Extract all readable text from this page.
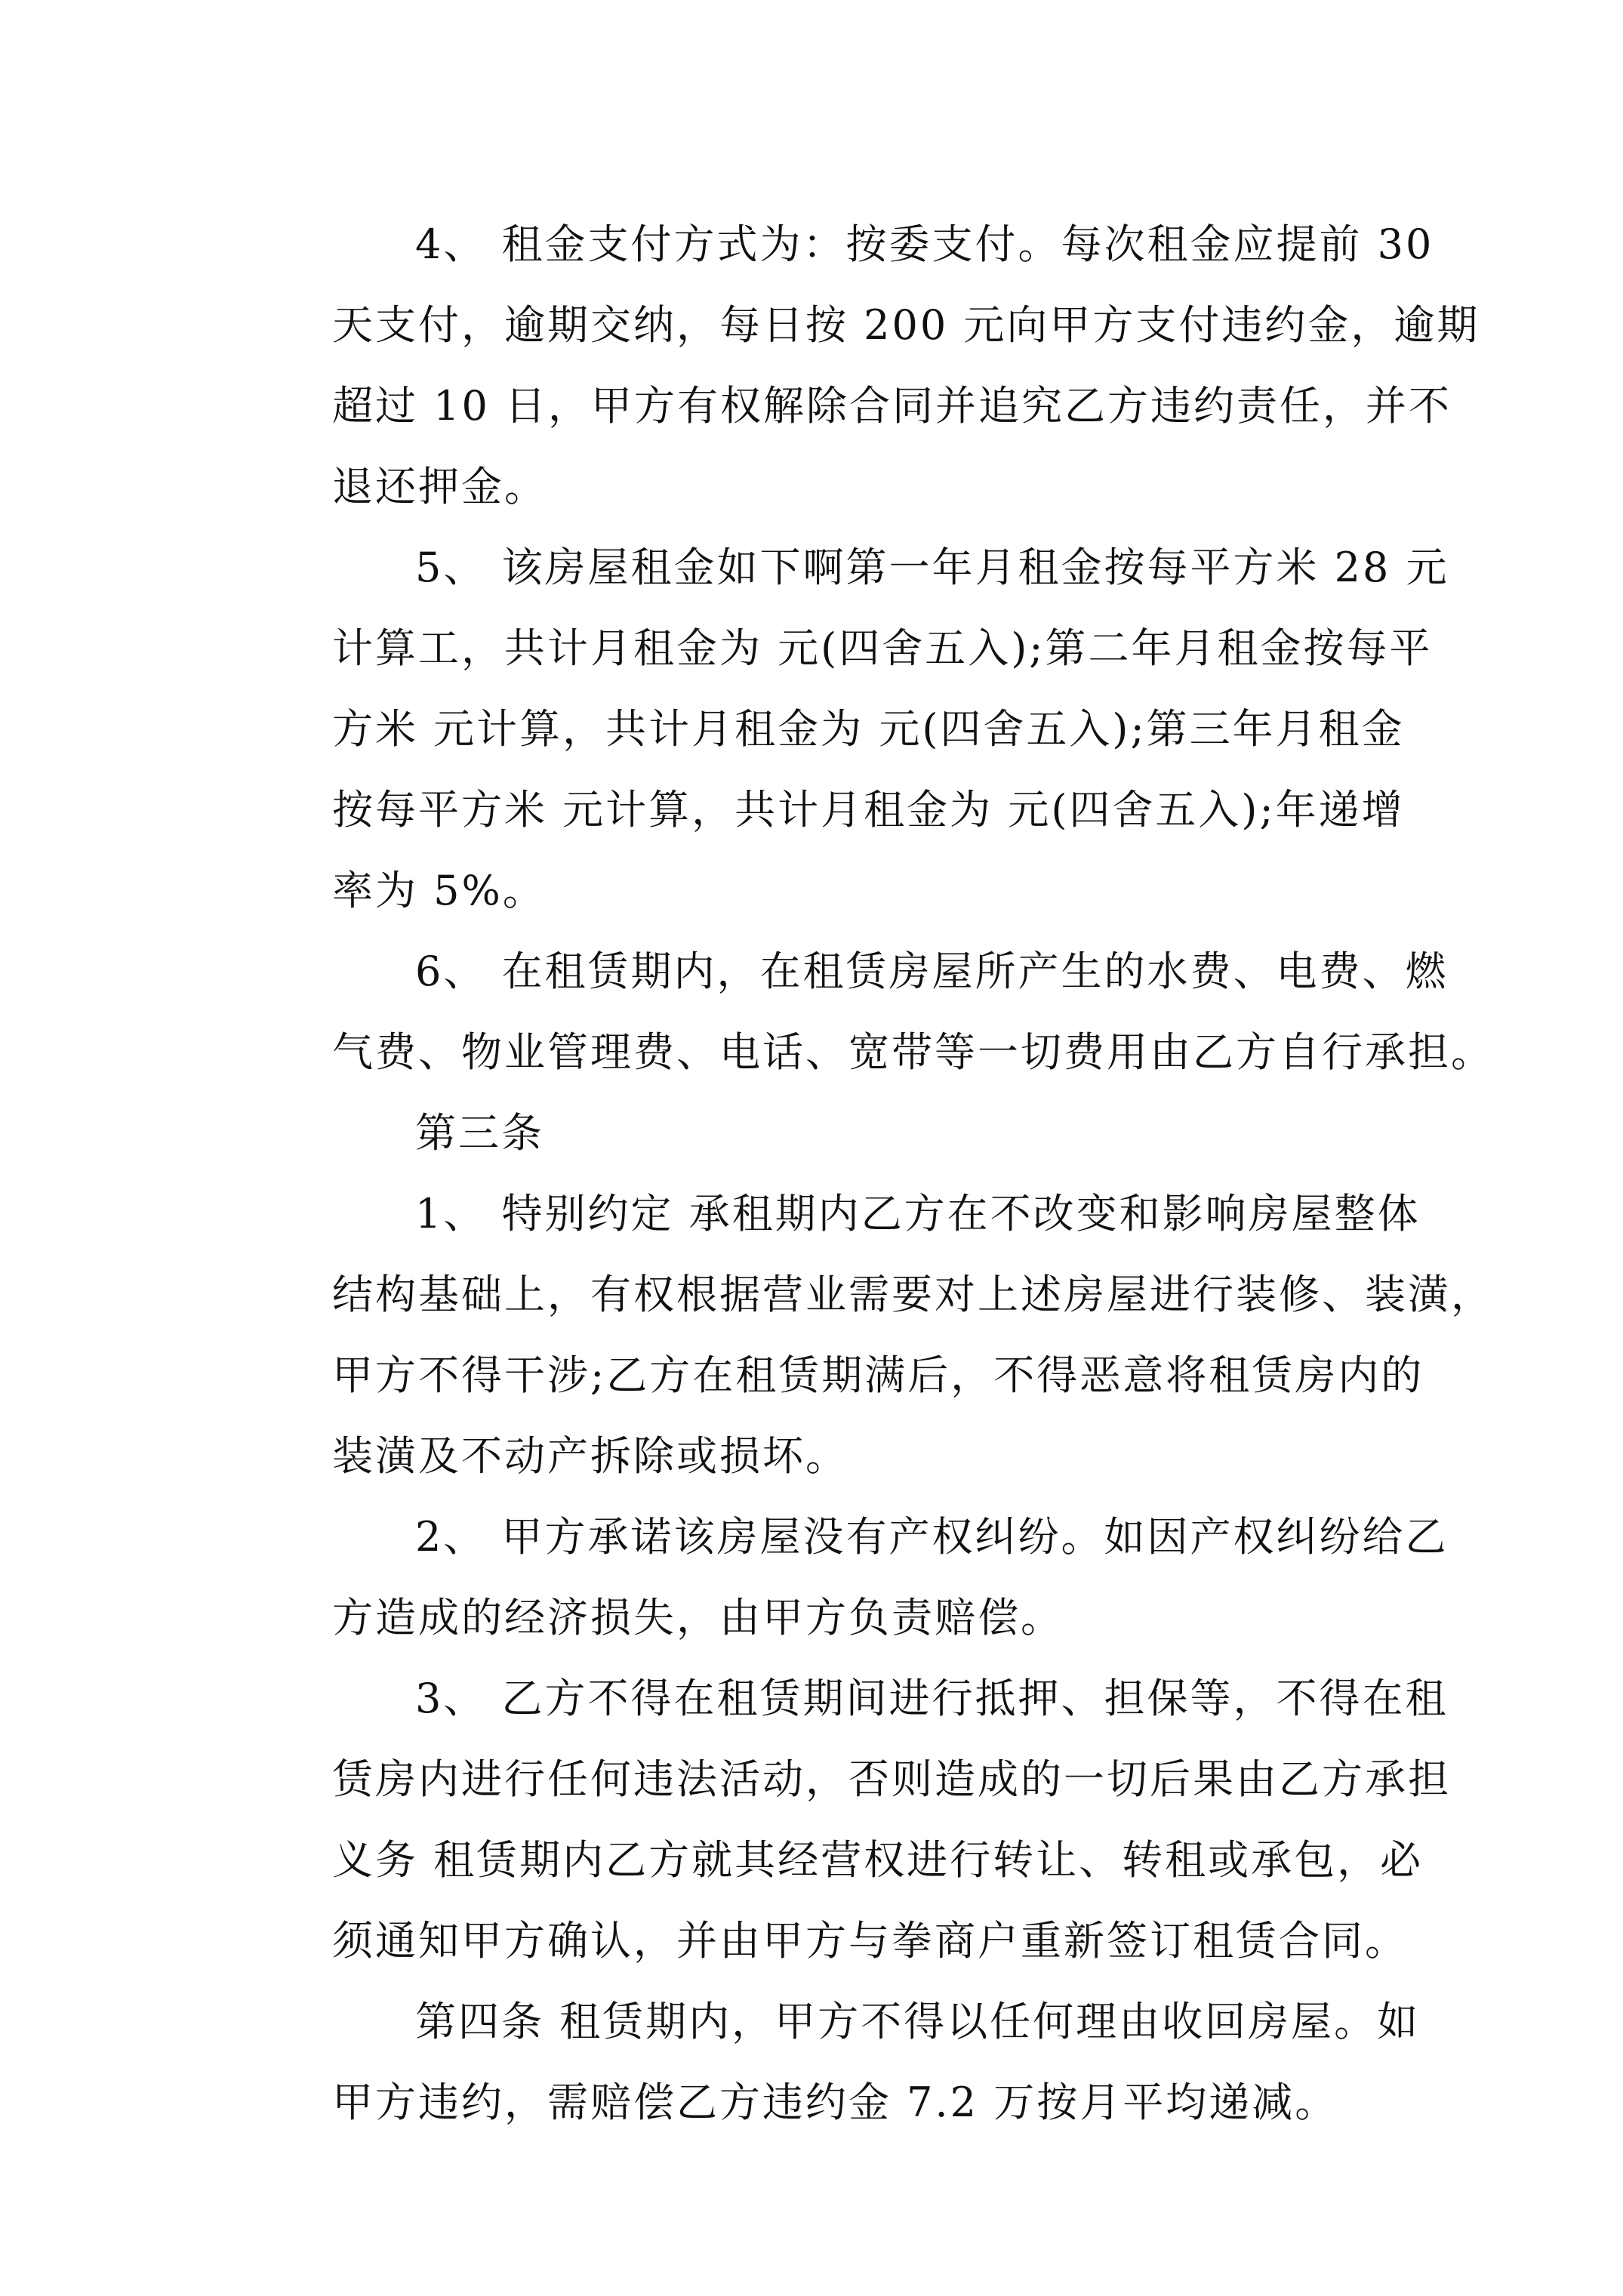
4、 租金支付方式为：按委支付。每次租金应提前 30
天支付，逾期交纳，每日按 200 元向甲方支付违约金，逾期
超过 10 日，甲方有权解除合同并追究乙方违约责任，并不
退还押金。

5、 该房屋租金如下啊第一年月租金按每平方米 28 元
计算工，共计月租金为 元(四舍五入);第二年月租金按每平
方米 元计算，共计月租金为 元(四舍五入);第三年月租金
按每平方米 元计算，共计月租金为 元(四舍五入);年递增
率为 5%。

6、 在租赁期内，在租赁房屋所产生的水费、电费、燃
气费、物业管理费、电话、宽带等一切费用由乙方自行承担。

第三条

1、 特别约定 承租期内乙方在不改变和影响房屋整体
结构基础上，有权根据营业需要对上述房屋进行装修、装潢，
甲方不得干涉;乙方在租赁期满后，不得恶意将租赁房内的
装潢及不动产拆除或损坏。

2、 甲方承诺该房屋没有产权纠纷。如因产权纠纷给乙
方造成的经济损失，由甲方负责赔偿。

3、 乙方不得在租赁期间进行抵押、担保等，不得在租
赁房内进行任何违法活动，否则造成的一切后果由乙方承担
义务 租赁期内乙方就其经营权进行转让、转租或承包，必
须通知甲方确认，并由甲方与拳商户重新签订租赁合同。

第四条 租赁期内，甲方不得以任何理由收回房屋。如
甲方违约，需赔偿乙方违约金 7.2 万按月平均递减。
